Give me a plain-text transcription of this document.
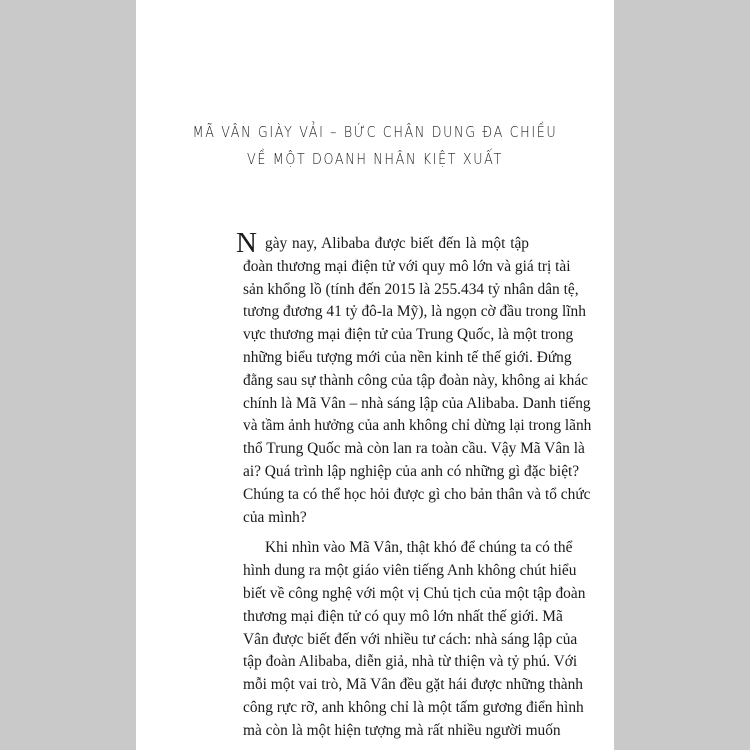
MÃ VÂN GIÀY VẢI – BỨC CHÂN DUNG ĐA CHIỀU
VỀ MỘT DOANH NHÂN KIỆT XUẤT
N gày nay, Alibaba được biết đến là một tập
đoàn thương mại điện tử với quy mô lớn và giá trị tài
sản khổng lồ (tính đến 2015 là 255.434 tỷ nhân dân tệ,
tương đương 41 tỷ đô-la Mỹ), là ngọn cờ đầu trong lĩnh
vực thương mại điện tử của Trung Quốc, là một trong
những biểu tượng mới của nền kinh tế thế giới. Đứng
đằng sau sự thành công của tập đoàn này, không ai khác
chính là Mã Vân – nhà sáng lập của Alibaba. Danh tiếng
và tầm ảnh hưởng của anh không chỉ dừng lại trong lãnh
thổ Trung Quốc mà còn lan ra toàn cầu. Vậy Mã Vân là
ai? Quá trình lập nghiệp của anh có những gì đặc biệt?
Chúng ta có thể học hỏi được gì cho bản thân và tổ chức
của mình?
Khi nhìn vào Mã Vân, thật khó để chúng ta có thể
hình dung ra một giáo viên tiếng Anh không chút hiểu
biết về công nghệ với một vị Chủ tịch của một tập đoàn
thương mại điện tử có quy mô lớn nhất thế giới. Mã
Vân được biết đến với nhiều tư cách: nhà sáng lập của
tập đoàn Alibaba, diễn giả, nhà từ thiện và tỷ phú. Với
mỗi một vai trò, Mã Vân đều gặt hái được những thành
công rực rỡ, anh không chỉ là một tấm gương điển hình
mà còn là một hiện tượng mà rất nhiều người muốn
